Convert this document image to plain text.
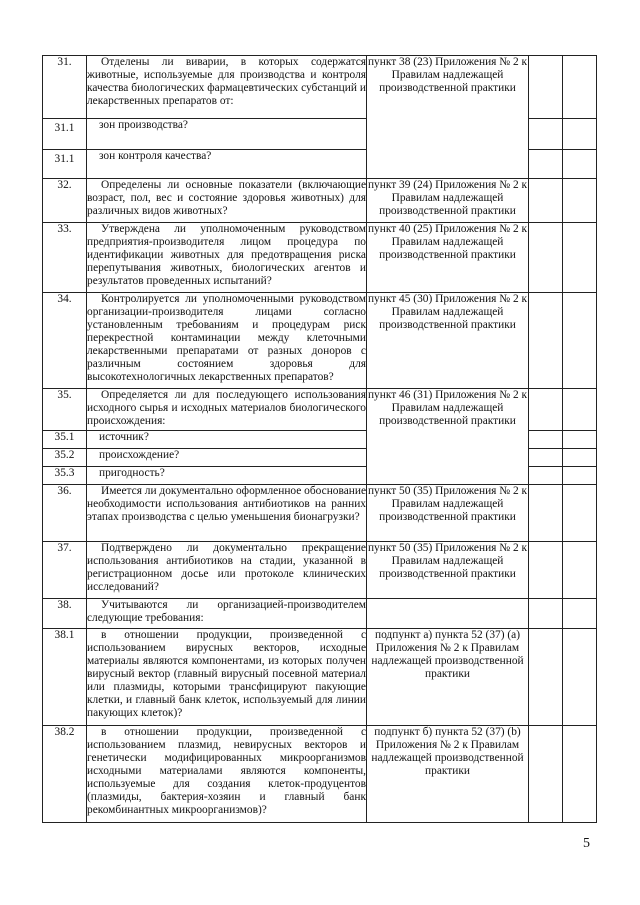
31.	Отделены ли виварии, в которых содержатся животные, используемые для производства и контроля качества биологических фармацевтических субстанций и лекарственных препаратов от:	пункт 38 (23) Приложения № 2 к Правилам надлежащей производственной практики		
31.1	зон производства?			

31.1	зон контроля качества?			

32.	Определены ли основные показатели (включающие возраст, пол, вес и состояние здоровья животных) для различных видов животных?	пункт 39 (24) Приложения № 2 к Правилам надлежащей производственной практики		
33.	Утверждена ли уполномоченным руководством предприятия-производителя лицом процедура по идентификации животных для предотвращения риска перепутывания животных, биологических агентов и результатов проведенных испытаний?	пункт 40 (25) Приложения № 2 к Правилам надлежащей производственной практики		
34.	Контролируется ли уполномоченными руководством организации-производителя лицами согласно установленным требованиям и процедурам риск перекрестной контаминации между клеточными лекарственными препаратами от разных доноров с различным состоянием здоровья для высокотехнологичных лекарственных препаратов?	пункт 45 (30) Приложения № 2 к Правилам надлежащей производственной практики		
35.	Определяется ли для последующего использования исходного сырья и исходных материалов биологического происхождения:	пункт 46 (31) Приложения № 2 к Правилам надлежащей производственной практики		
35.1	источник?			

35.2	происхождение?			

35.3	пригодность?			

36.	Имеется ли документально оформленное обоснование необходимости использования антибиотиков на ранних этапах производства с целью уменьшения бионагрузки?	пункт 50 (35) Приложения № 2 к Правилам надлежащей производственной практики		
37.	Подтверждено ли документально прекращение использования антибиотиков на стадии, указанной в регистрационном досье или протоколе клинических исследований?	пункт 50 (35) Приложения № 2 к Правилам надлежащей производственной практики		
38.	Учитываются ли организацией-производителем следующие требования:			

38.1	в отношении продукции, произведенной с использованием вирусных векторов, исходные материалы являются компонентами, из которых получен вирусный вектор (главный вирусный посевной материал или плазмиды, которыми трансфицируют пакующие клетки, и главный банк клеток, используемый для линии пакующих клеток)?	подпункт а) пункта 52 (37) (a) Приложения № 2 к Правилам надлежащей производственной практики		
38.2	в отношении продукции, произведенной с использованием плазмид, невирусных векторов и генетически модифицированных микроорганизмов исходными материалами являются компоненты, используемые для создания клеток-продуцентов (плазмиды, бактерия-хозяин и главный банк рекомбинантных микроорганизмов)?	подпункт б) пункта 52 (37) (b) Приложения № 2 к Правилам надлежащей производственной практики		
5
